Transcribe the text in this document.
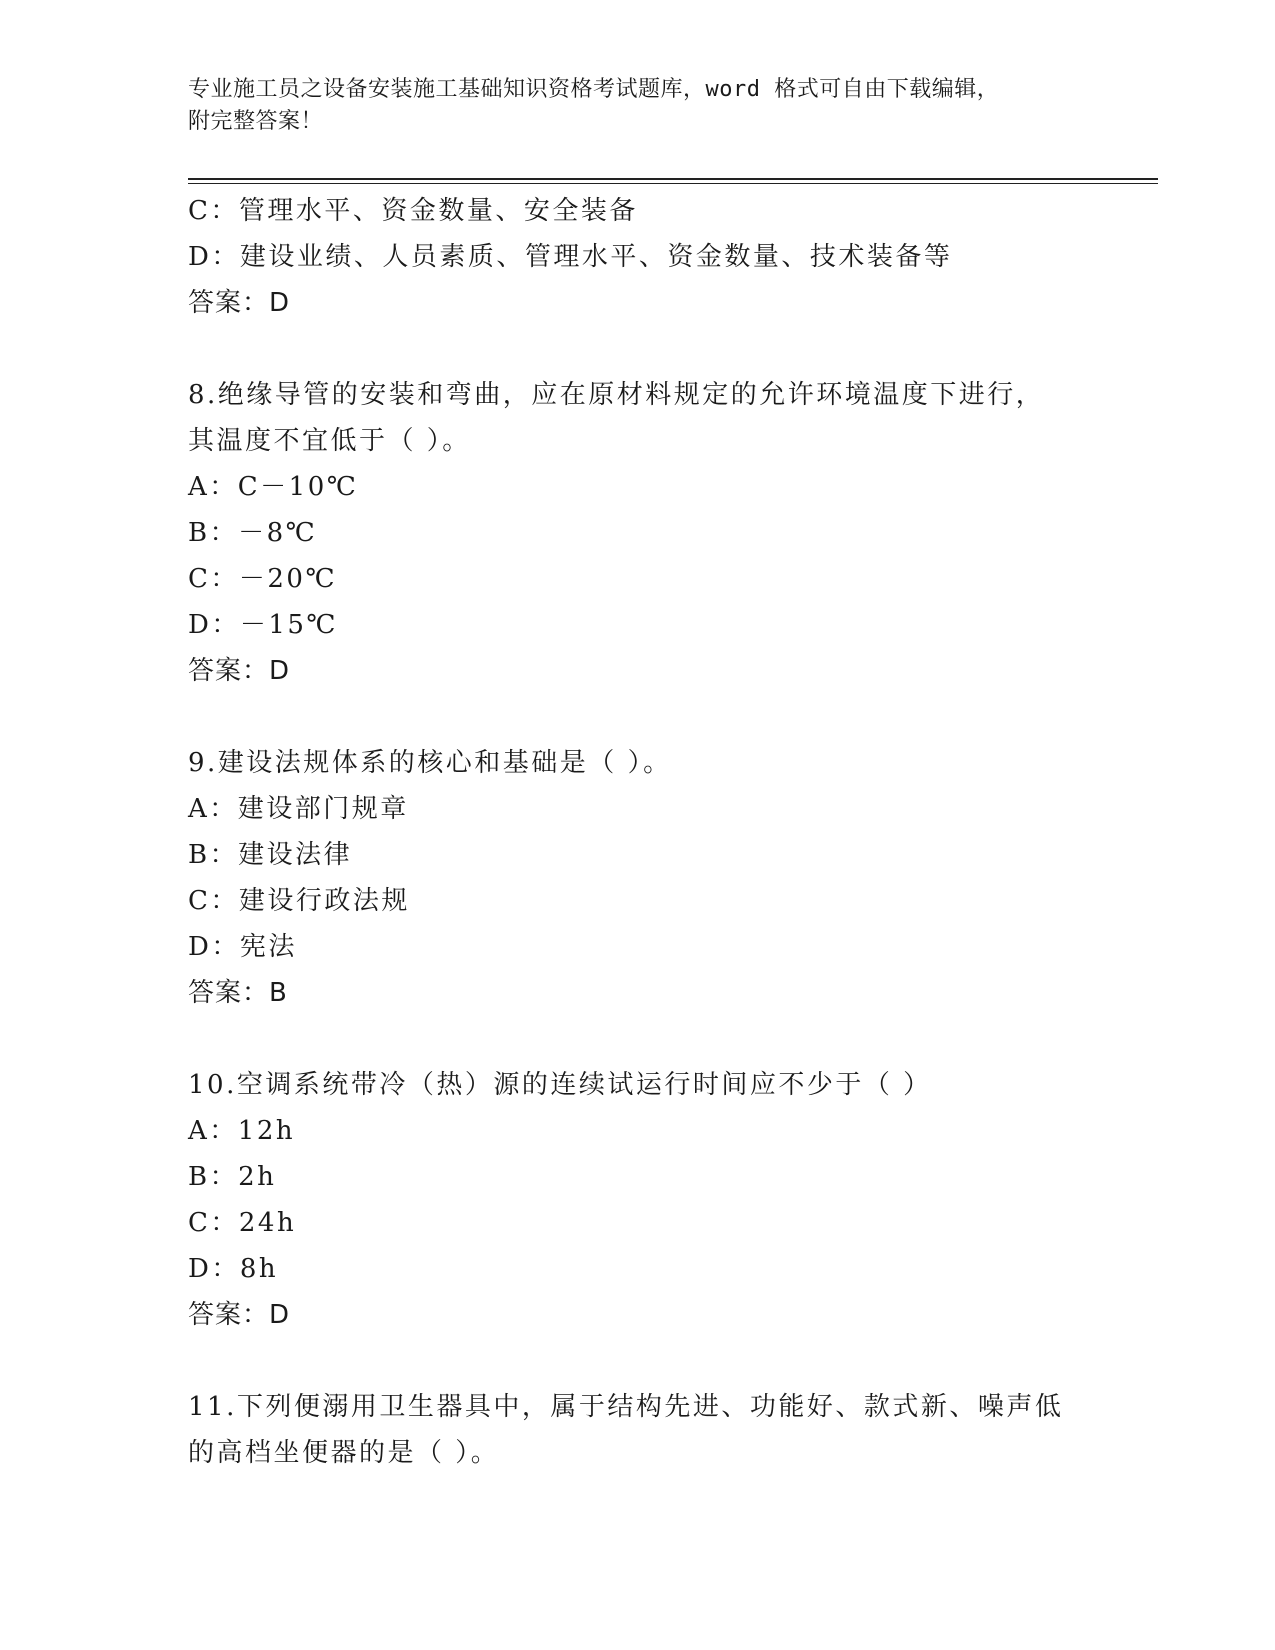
专业施工员之设备安装施工基础知识资格考试题库，word 格式可自由下载编辑，
附完整答案！
C：管理水平、资金数量、安全装备
D：建设业绩、人员素质、管理水平、资金数量、技术装备等
答案：D
8.绝缘导管的安装和弯曲，应在原材料规定的允许环境温度下进行，
其温度不宜低于（ ）。
A：C－10℃
B：－8℃
C：－20℃
D：－15℃
答案：D
9.建设法规体系的核心和基础是（ ）。
A：建设部门规章
B：建设法律
C：建设行政法规
D：宪法
答案：B
10.空调系统带冷（热）源的连续试运行时间应不少于（ ）
A：12h
B：2h
C：24h
D：8h
答案：D
11.下列便溺用卫生器具中，属于结构先进、功能好、款式新、噪声低
的高档坐便器的是（ ）。
